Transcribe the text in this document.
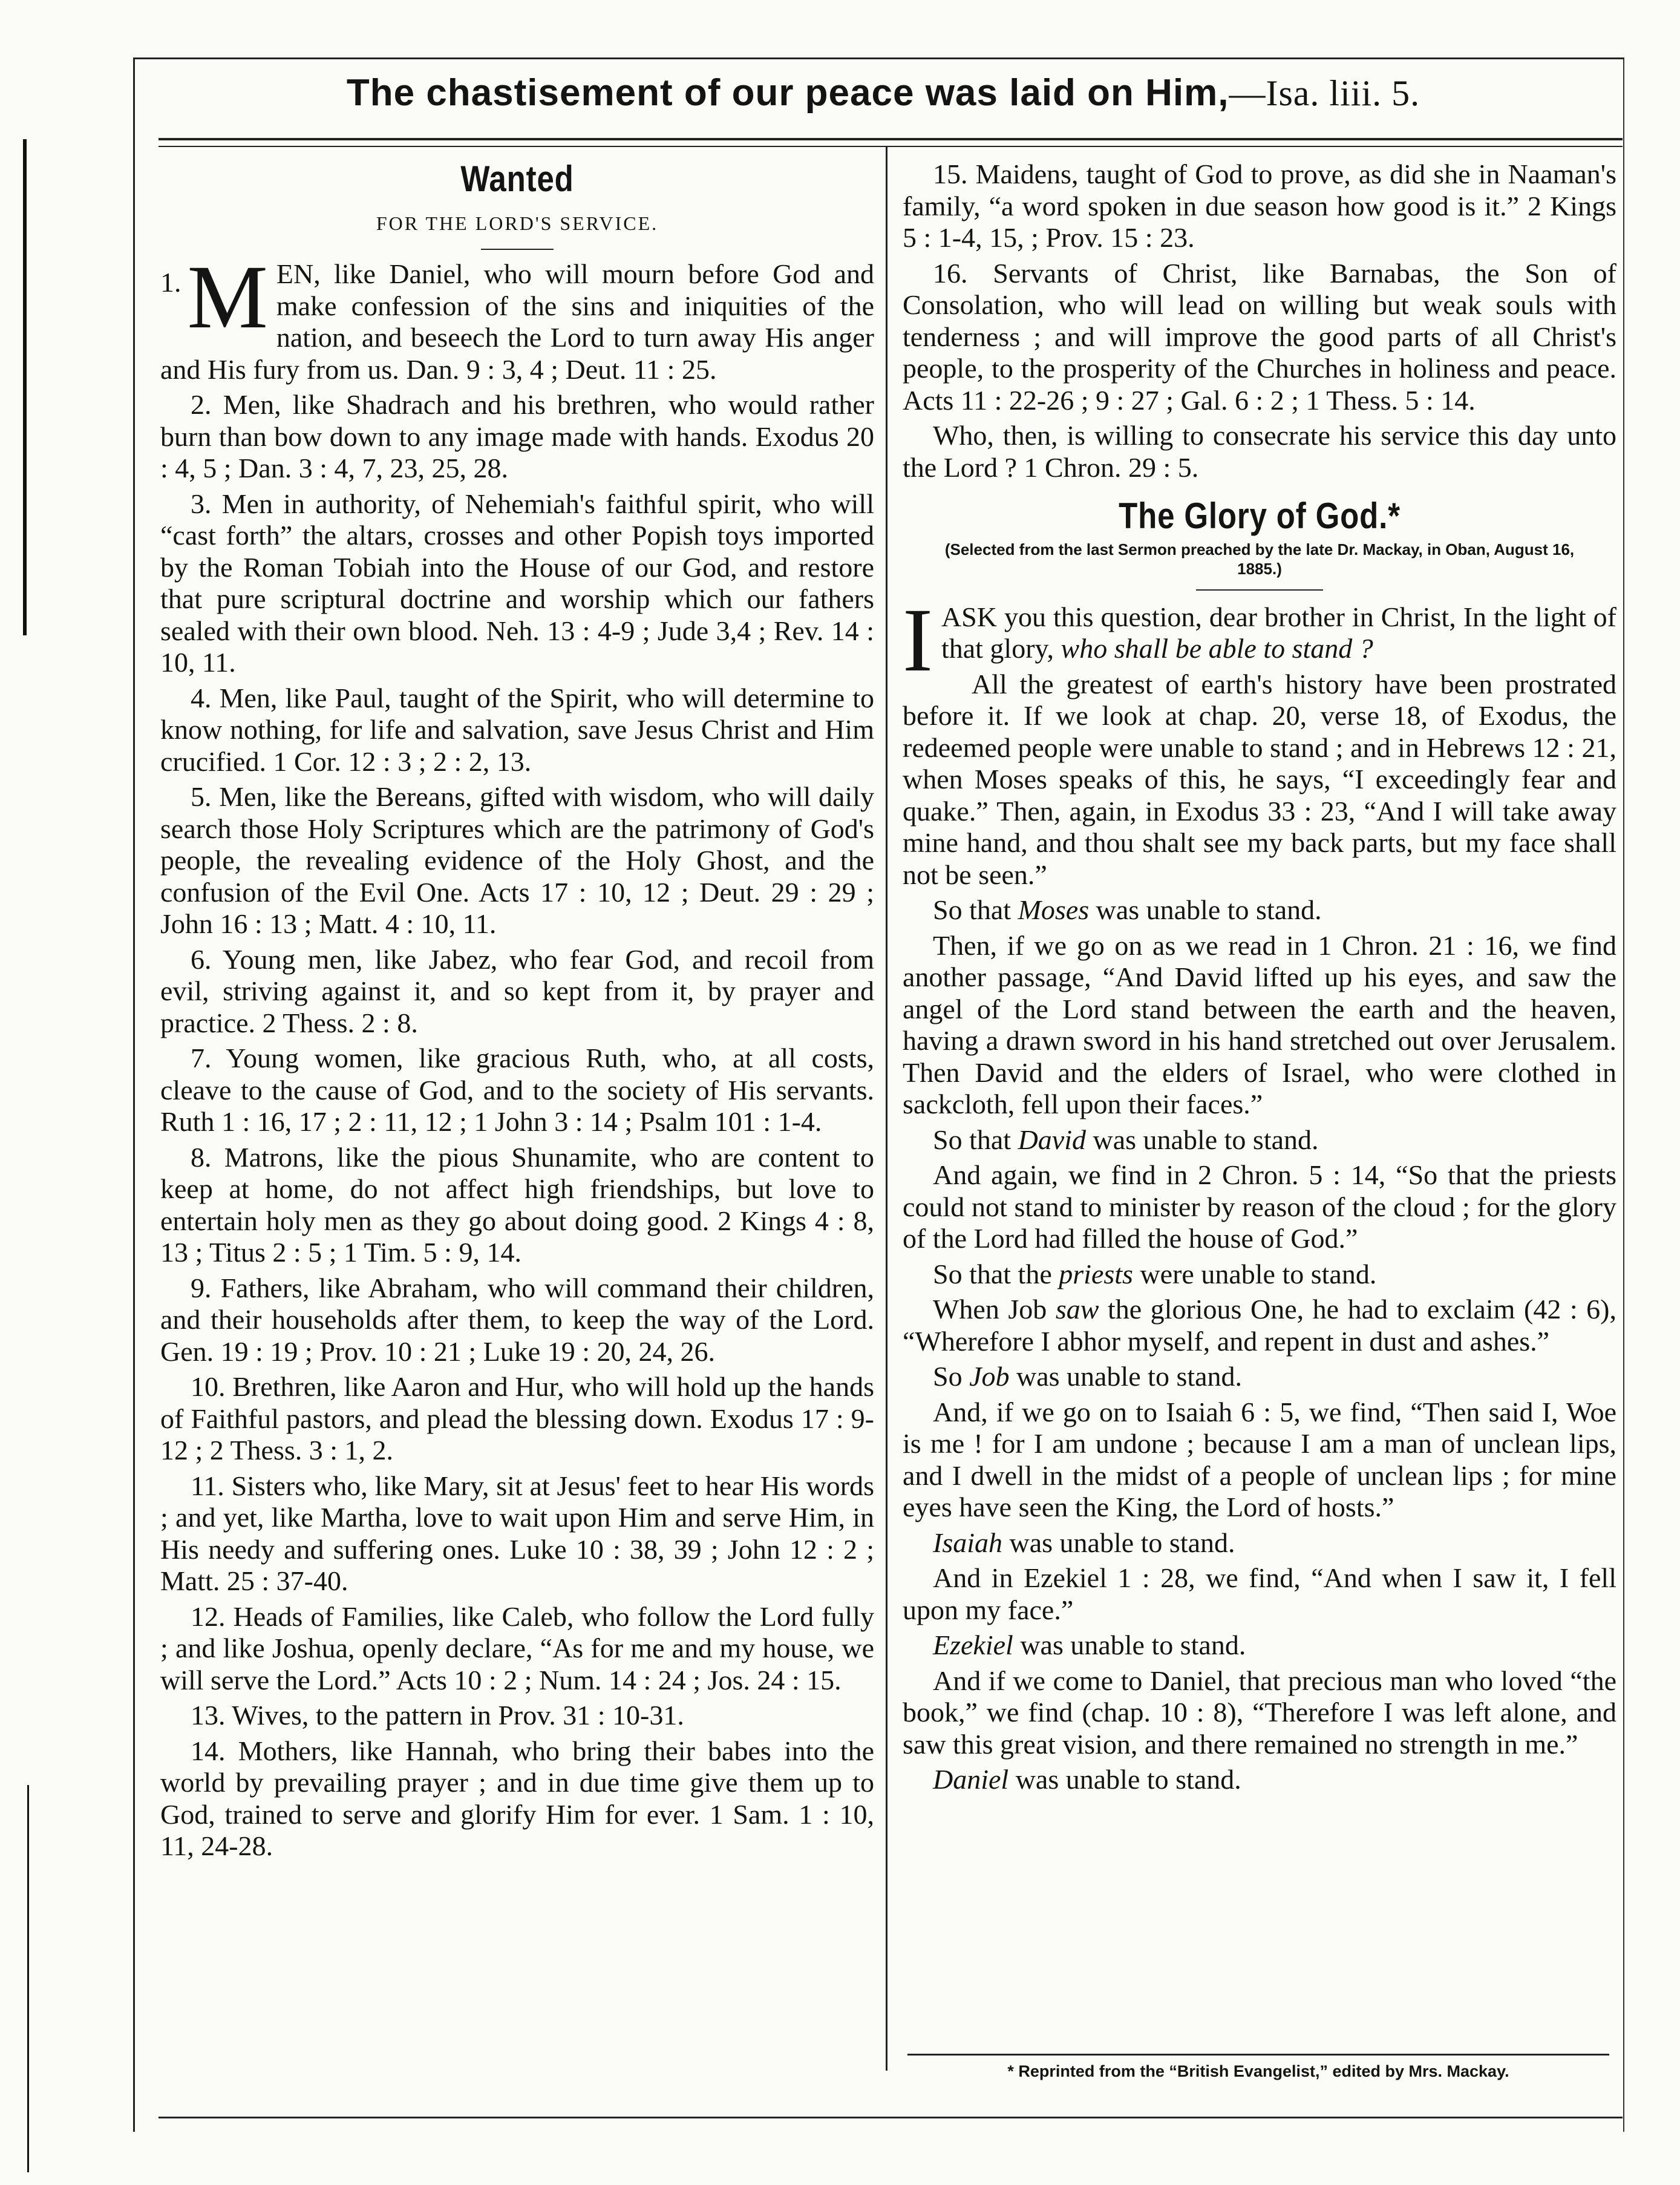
The chastisement of our peace was laid on Him,—Isa. liii. 5.
Wanted
FOR THE LORD'S SERVICE.

1. M EN, like Daniel, who will mourn before God and make confession of the sins and iniquities of the nation, and beseech the Lord to turn away His anger and His fury from us. Dan. 9 : 3, 4 ; Deut. 11 : 25.

2. Men, like Shadrach and his brethren, who would rather burn than bow down to any image made with hands. Exodus 20 : 4, 5 ; Dan. 3 : 4, 7, 23, 25, 28.

3. Men in authority, of Nehemiah's faithful spirit, who will “cast forth” the altars, crosses and other Popish toys imported by the Roman Tobiah into the House of our God, and restore that pure scriptural doctrine and worship which our fathers sealed with their own blood. Neh. 13 : 4-9 ; Jude 3,4 ; Rev. 14 : 10, 11.

4. Men, like Paul, taught of the Spirit, who will determine to know nothing, for life and salvation, save Jesus Christ and Him crucified. 1 Cor. 12 : 3 ; 2 : 2, 13.

5. Men, like the Bereans, gifted with wisdom, who will daily search those Holy Scriptures which are the patrimony of God's people, the revealing evidence of the Holy Ghost, and the confusion of the Evil One. Acts 17 : 10, 12 ; Deut. 29 : 29 ; John 16 : 13 ; Matt. 4 : 10, 11.

6. Young men, like Jabez, who fear God, and recoil from evil, striving against it, and so kept from it, by prayer and practice. 2 Thess. 2 : 8.

7. Young women, like gracious Ruth, who, at all costs, cleave to the cause of God, and to the society of His servants. Ruth 1 : 16, 17 ; 2 : 11, 12 ; 1 John 3 : 14 ; Psalm 101 : 1-4.

8. Matrons, like the pious Shunamite, who are content to keep at home, do not affect high friendships, but love to entertain holy men as they go about doing good. 2 Kings 4 : 8, 13 ; Titus 2 : 5 ; 1 Tim. 5 : 9, 14.

9. Fathers, like Abraham, who will command their children, and their households after them, to keep the way of the Lord. Gen. 19 : 19 ; Prov. 10 : 21 ; Luke 19 : 20, 24, 26.

10. Brethren, like Aaron and Hur, who will hold up the hands of Faithful pastors, and plead the blessing down. Exodus 17 : 9-12 ; 2 Thess. 3 : 1, 2.

11. Sisters who, like Mary, sit at Jesus' feet to hear His words ; and yet, like Martha, love to wait upon Him and serve Him, in His needy and suffering ones. Luke 10 : 38, 39 ; John 12 : 2 ; Matt. 25 : 37-40.

12. Heads of Families, like Caleb, who follow the Lord fully ; and like Joshua, openly declare, “As for me and my house, we will serve the Lord.” Acts 10 : 2 ; Num. 14 : 24 ; Jos. 24 : 15.

13. Wives, to the pattern in Prov. 31 : 10-31.

14. Mothers, like Hannah, who bring their babes into the world by prevailing prayer ; and in due time give them up to God, trained to serve and glorify Him for ever. 1 Sam. 1 : 10, 11, 24-28.

15. Maidens, taught of God to prove, as did she in Naaman's family, “a word spoken in due season how good is it.” 2 Kings 5 : 1-4, 15, ; Prov. 15 : 23.

16. Servants of Christ, like Barnabas, the Son of Consolation, who will lead on willing but weak souls with tenderness ; and will improve the good parts of all Christ's people, to the prosperity of the Churches in holiness and peace. Acts 11 : 22-26 ; 9 : 27 ; Gal. 6 : 2 ; 1 Thess. 5 : 14.

Who, then, is willing to consecrate his service this day unto the Lord ? 1 Chron. 29 : 5.

The Glory of God.*
(Selected from the last Sermon preached by the late Dr. Mackay, in Oban, August 16, 1885.)

IASK you this question, dear brother in Christ, In the light of that glory, who shall be able to stand ?

All the greatest of earth's history have been prostrated before it. If we look at chap. 20, verse 18, of Exodus, the redeemed people were unable to stand ; and in Hebrews 12 : 21, when Moses speaks of this, he says, “I exceedingly fear and quake.” Then, again, in Exodus 33 : 23, “And I will take away mine hand, and thou shalt see my back parts, but my face shall not be seen.”

So that Moses was unable to stand.

Then, if we go on as we read in 1 Chron. 21 : 16, we find another passage, “And David lifted up his eyes, and saw the angel of the Lord stand between the earth and the heaven, having a drawn sword in his hand stretched out over Jerusalem. Then David and the elders of Israel, who were clothed in sackcloth, fell upon their faces.”

So that David was unable to stand.

And again, we find in 2 Chron. 5 : 14, “So that the priests could not stand to minister by reason of the cloud ; for the glory of the Lord had filled the house of God.”

So that the priests were unable to stand.

When Job saw the glorious One, he had to exclaim (42 : 6), “Wherefore I abhor myself, and repent in dust and ashes.”

So Job was unable to stand.

And, if we go on to Isaiah 6 : 5, we find, “Then said I, Woe is me ! for I am undone ; because I am a man of unclean lips, and I dwell in the midst of a people of unclean lips ; for mine eyes have seen the King, the Lord of hosts.”

Isaiah was unable to stand.

And in Ezekiel 1 : 28, we find, “And when I saw it, I fell upon my face.”

Ezekiel was unable to stand.

And if we come to Daniel, that precious man who loved “the book,” we find (chap. 10 : 8), “Therefore I was left alone, and saw this great vision, and there remained no strength in me.”

Daniel was unable to stand.

* Reprinted from the “British Evangelist,” edited by Mrs. Mackay.
